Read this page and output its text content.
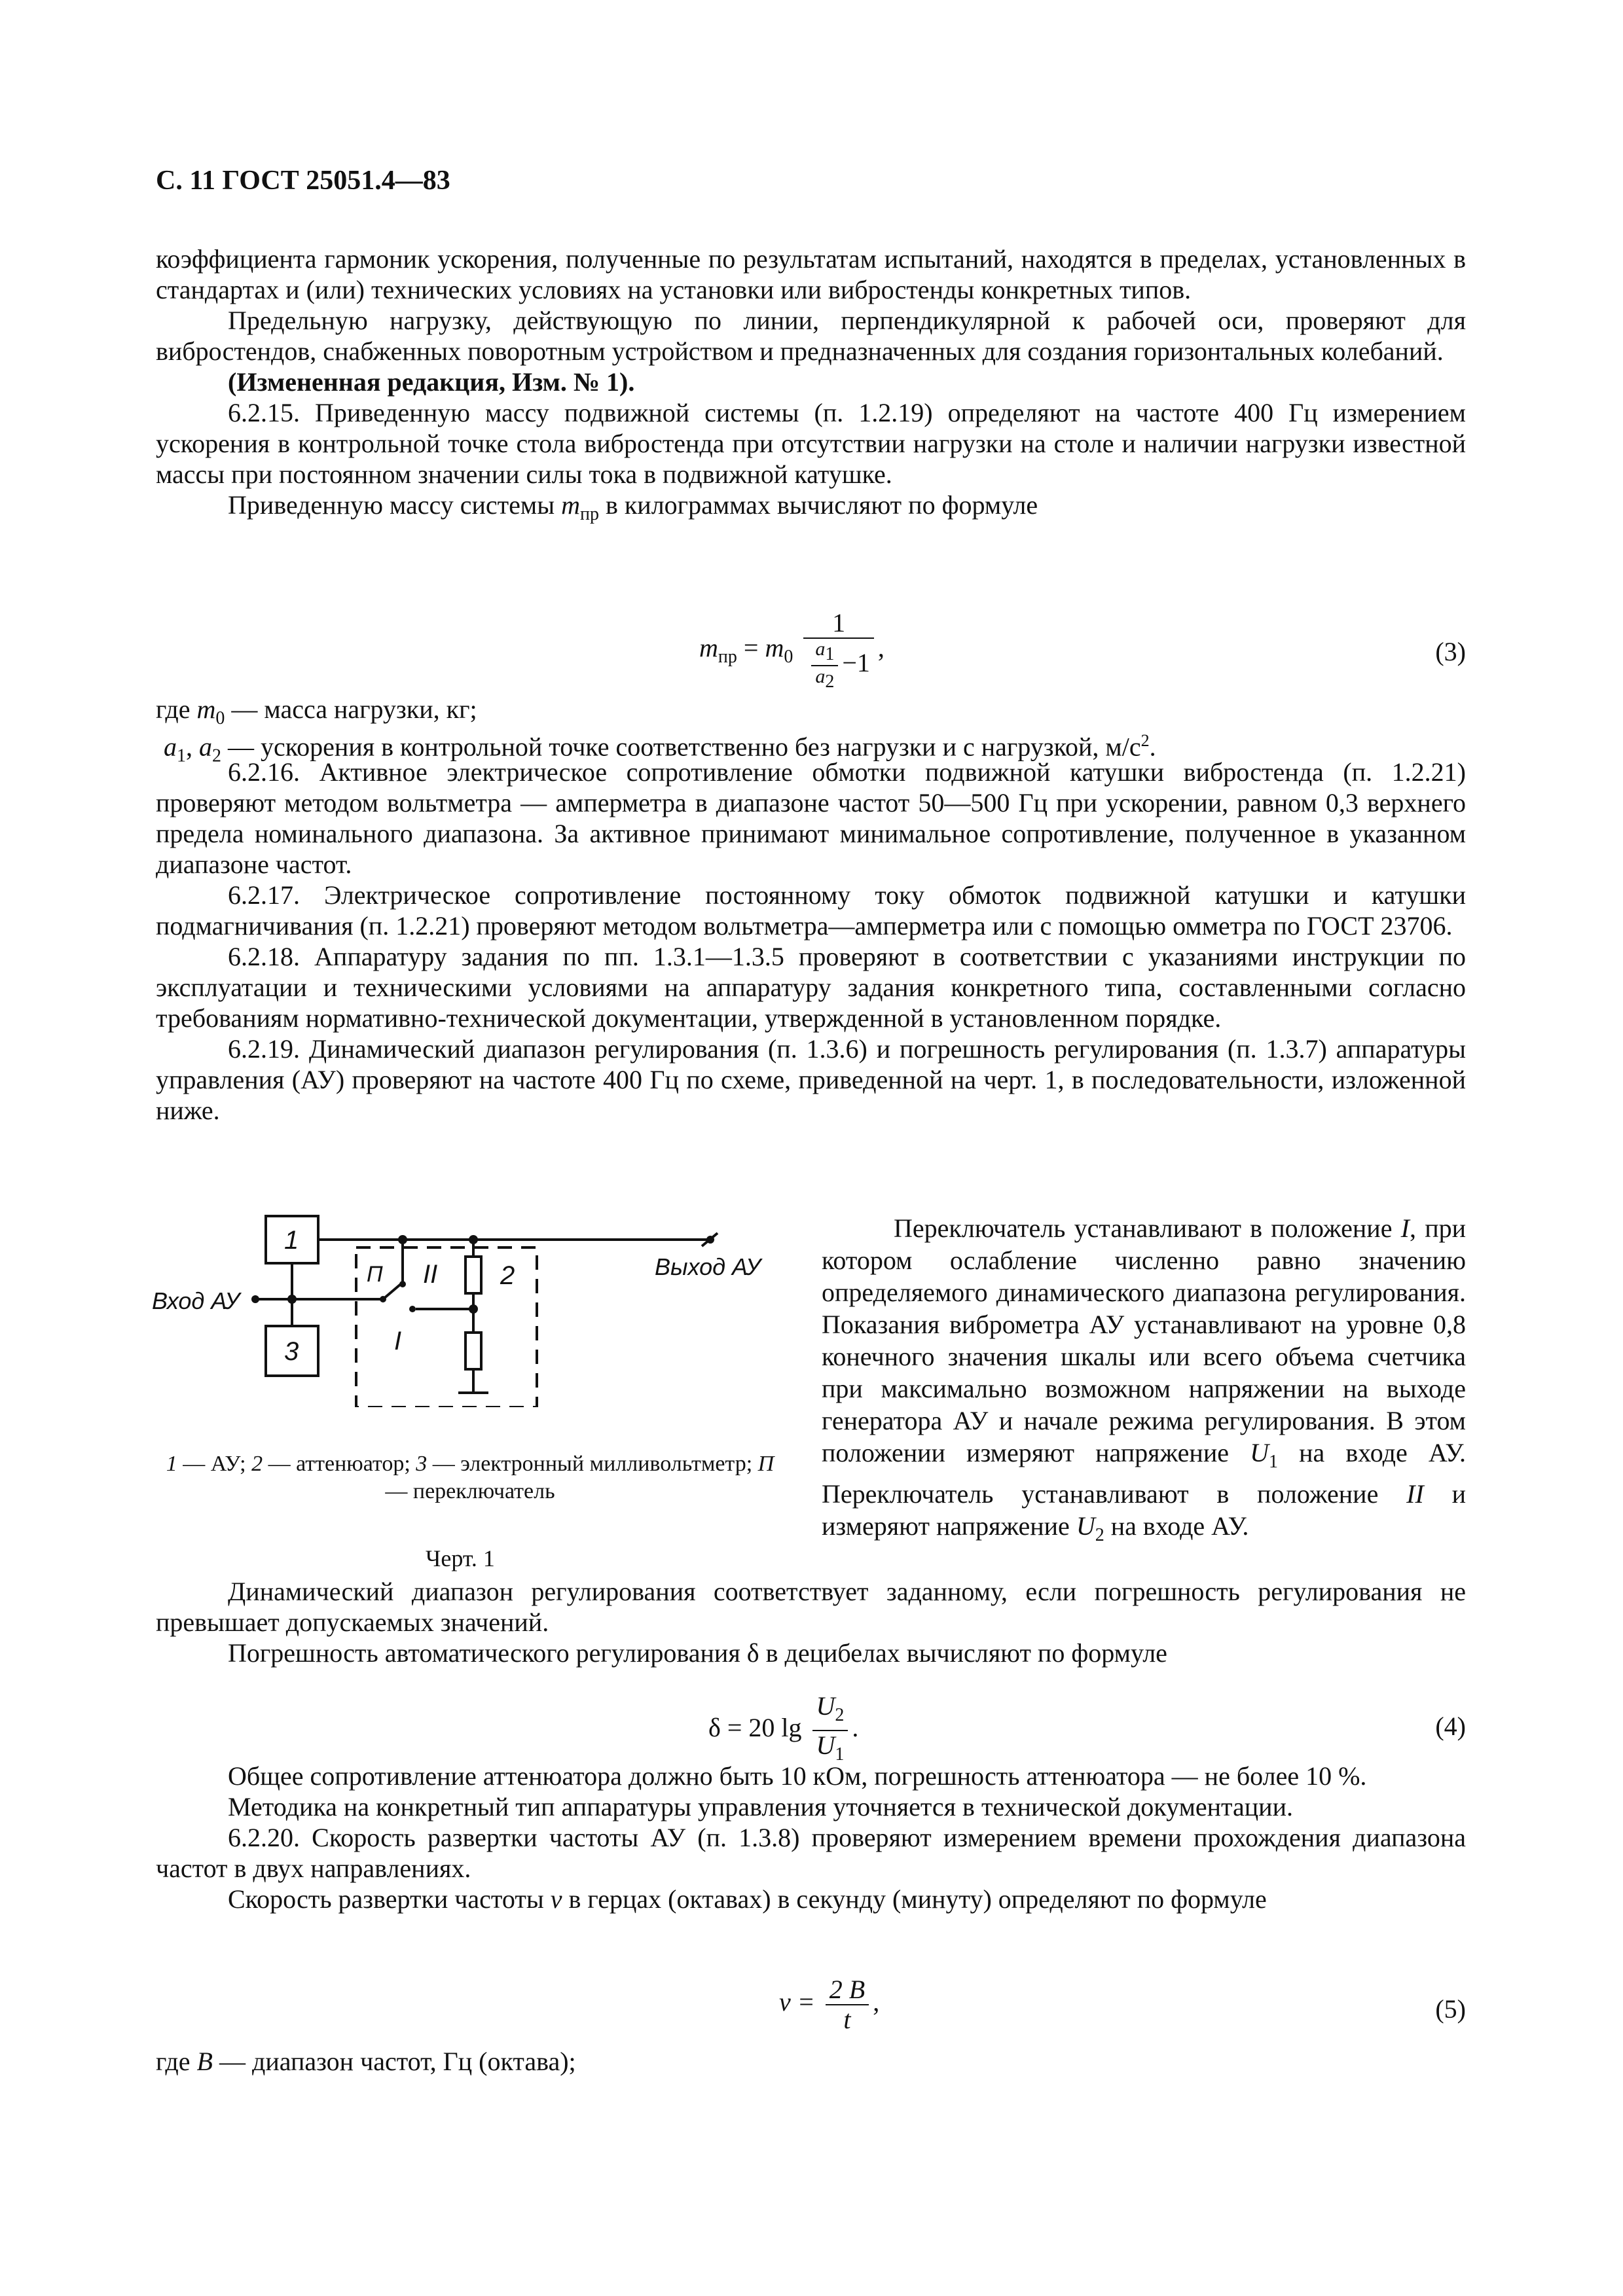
С. 11 ГОСТ 25051.4—83

коэффициента гармоник ускорения, полученные по результатам испытаний, находятся в пределах, установленных в стандартах и (или) технических условиях на установки или вибростенды конкретных типов.

Предельную нагрузку, действующую по линии, перпендикулярной к рабочей оси, проверяют для вибростендов, снабженных поворотным устройством и предназначенных для создания горизонтальных колебаний.

(Измененная редакция, Изм. № 1).

6.2.15. Приведенную массу подвижной системы (п. 1.2.19) определяют на частоте 400 Гц измерением ускорения в контрольной точке стола вибростенда при отсутствии нагрузки на столе и наличии нагрузки известной массы при постоянном значении силы тока в подвижной катушке.

Приведенную массу системы $m_{пр}$ в килограммах вычисляют по формуле

$m_{пр} = m_0 \frac{1}{\frac{a_1}{a_2} -1}$ ,	(3)
где $m_0$ — масса нагрузки, кг;
$a_1$, $a_2$ — ускорения в контрольной точке соответственно без нагрузки и с нагрузкой, $м/с^2$.

6.2.16. Активное электрическое сопротивление обмотки подвижной катушки вибростенда (п. 1.2.21) проверяют методом вольтметра — амперметра в диапазоне частот 50—500 Гц при ускорении, равном 0,3 верхнего предела номинального диапазона. За активное принимают минимальное сопротивление, полученное в указанном диапазоне частот.

6.2.17. Электрическое сопротивление постоянному току обмоток подвижной катушки и катушки подмагничивания (п. 1.2.21) проверяют методом вольтметра—амперметра или с помощью омметра по ГОСТ 23706.

6.2.18. Аппаратуру задания по пп. 1.3.1—1.3.5 проверяют в соответствии с указаниями инструкции по эксплуатации и техническими условиями на аппаратуру задания конкретного типа, составленными согласно требованиям нормативно-технической документации, утвержденной в установленном порядке.

6.2.19. Динамический диапазон регулирования (п. 1.3.6) и погрешность регулирования (п. 1.3.7) аппаратуры управления (АУ) проверяют на частоте 400 Гц по схеме, приведенной на черт. 1, в последовательности, изложенной ниже.

1
3
2
II
I
П
Вход АУ
Выход АУ
1 — АУ; 2 — аттенюатор; 3 — электронный милливольтметр; П — переключатель
Черт. 1

Переключатель устанавливают в положение I, при котором ослабление численно равно значению определяемого динамического диапазона регулирования. Показания виброметра АУ устанавливают на уровне 0,8 конечного значения шкалы или всего объема счетчика при максимально возможном напряжении на выходе генератора АУ и начале режима регулирования. В этом положении измеряют напряжение $U_1$ на входе АУ. Переключатель устанавливают в положение II и измеряют напряжение $U_2$ на входе АУ.

Динамический диапазон регулирования соответствует заданному, если погрешность регулирования не превышает допускаемых значений.

Погрешность автоматического регулирования δ в децибелах вычисляют по формуле

δ = 20 $\lg \frac{U_2}{U_1}$ .	(4)

Общее сопротивление аттенюатора должно быть 10 кОм, погрешность аттенюатора — не более 10 %.

Методика на конкретный тип аппаратуры управления уточняется в технической документации.

6.2.20. Скорость развертки частоты АУ (п. 1.3.8) проверяют измерением времени прохождения диапазона частот в двух направлениях.

Скорость развертки частоты v в герцах (октавах) в секунду (минуту) определяют по формуле

$v = \frac{2 B}{t}$ ,	(5)
где B — диапазон частот, Гц (октава);
